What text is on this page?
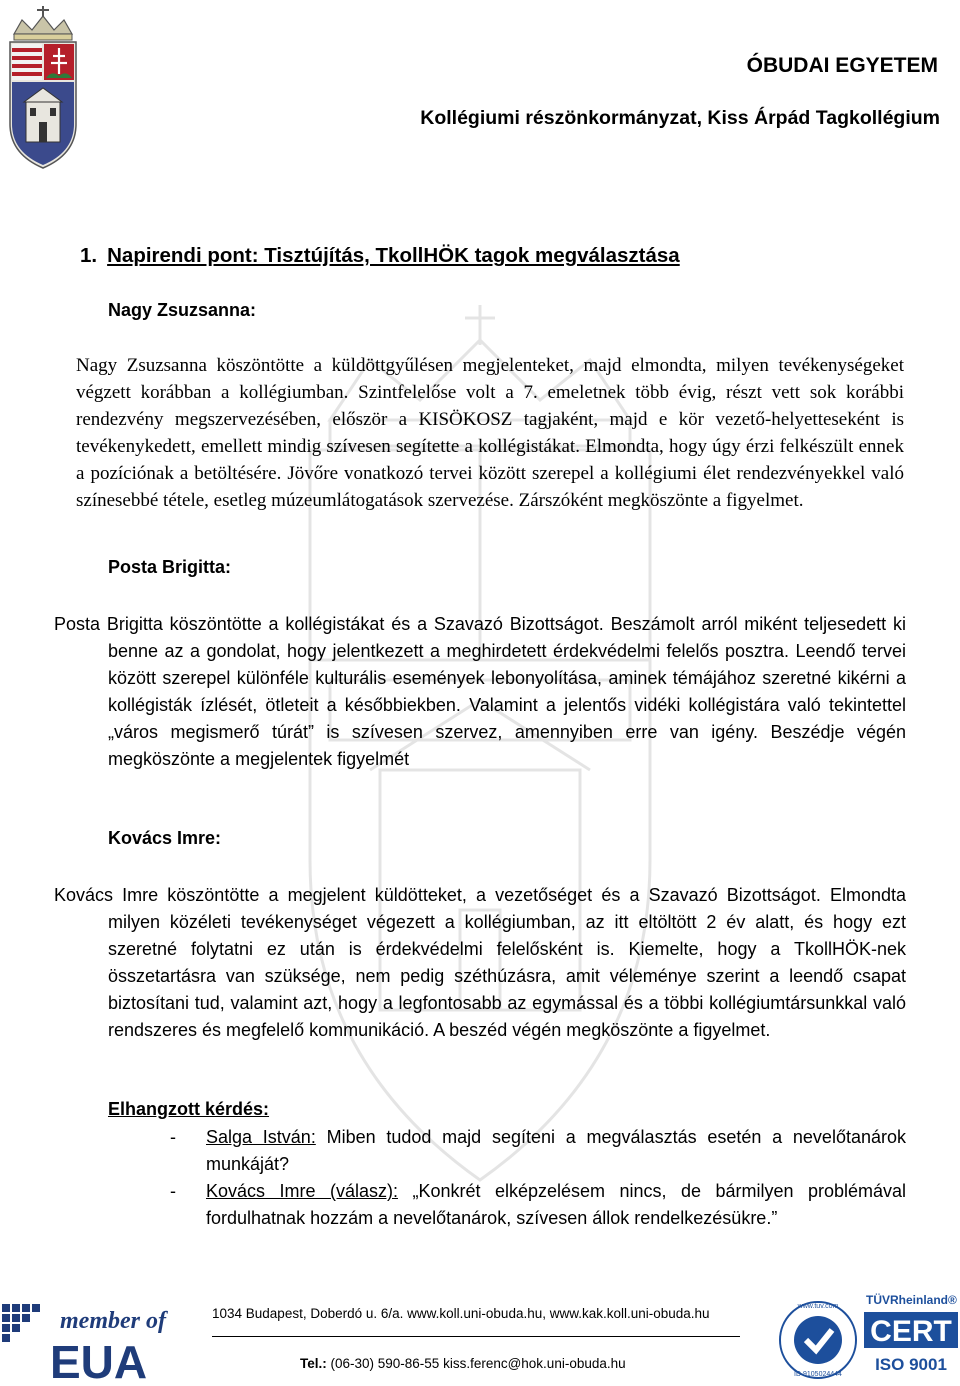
ÓBUDAI EGYETEM
Kollégiumi részönkormányzat, Kiss Árpád Tagkollégium
1. Napirendi pont: Tisztújítás, TkollHÖK tagok megválasztása
Nagy Zsuzsanna:
Nagy Zsuzsanna köszöntötte a küldöttgyűlésen megjelenteket, majd elmondta, milyen tevékenységeket végzett korábban a kollégiumban. Szintfelelőse volt a 7. emeletnek több évig, részt vett sok korábbi rendezvény megszervezésében, először a KISÖKOSZ tagjaként, majd e kör vezető-helyetteseként is tevékenykedett, emellett mindig szívesen segítette a kollégistákat. Elmondta, hogy úgy érzi felkészült ennek a pozíciónak a betöltésére. Jövőre vonatkozó tervei között szerepel a kollégiumi élet rendezvényekkel való színesebbé tétele, esetleg múzeumlátogatások szervezése. Zárszóként megköszönte a figyelmet.
Posta Brigitta:

Posta Brigitta köszöntötte a kollégistákat és a Szavazó Bizottságot. Beszámolt arról miként teljesedett ki benne az a gondolat, hogy jelentkezett a meghirdetett érdekvédelmi felelős posztra. Leendő tervei között szerepel különféle kulturális események lebonyolítása, aminek témájához szeretné kikérni a kollégisták ízlését, ötleteit a későbbiekben. Valamint a jelentős vidéki kollégistára való tekintettel „város megismerő túrát” is szívesen szervez, amennyiben erre van igény. Beszédje végén megköszönte a megjelentek figyelmét

Kovács Imre:

Kovács Imre köszöntötte a megjelent küldötteket, a vezetőséget és a Szavazó Bizottságot. Elmondta milyen közéleti tevékenységet végezett a kollégiumban, az itt eltöltött 2 év alatt, és hogy ezt szeretné folytatni ez után is érdekvédelmi felelősként is. Kiemelte, hogy a TkollHÖK-nek összetartásra van szüksége, nem pedig széthúzásra, amit véleménye szerint a leendő csapat biztosítani tud, valamint azt, hogy a legfontosabb az egymással és a többi kollégiumtársunkkal való rendszeres és megfelelő kommunikáció. A beszéd végén megköszönte a figyelmet.

Elhangzott kérdés:
- Salga István: Miben tudod majd segíteni a megválasztás esetén a nevelőtanárok munkáját?
- Kovács Imre (válasz): „Konkrét elképzelésem nincs, de bármilyen problémával fordulhatnak hozzám a nevelőtanárok, szívesen állok rendelkezésükre.”
member of
EUA
1034 Budapest, Doberdó u. 6/a. www.koll.uni-obuda.hu, www.kak.koll.uni-obuda.hu
Tel.: (06-30) 590-86-55 kiss.ferenc@hok.uni-obuda.hu
TÜVRheinland®
www.tuv.com
ID 9105024444
CERT
ISO 9001
